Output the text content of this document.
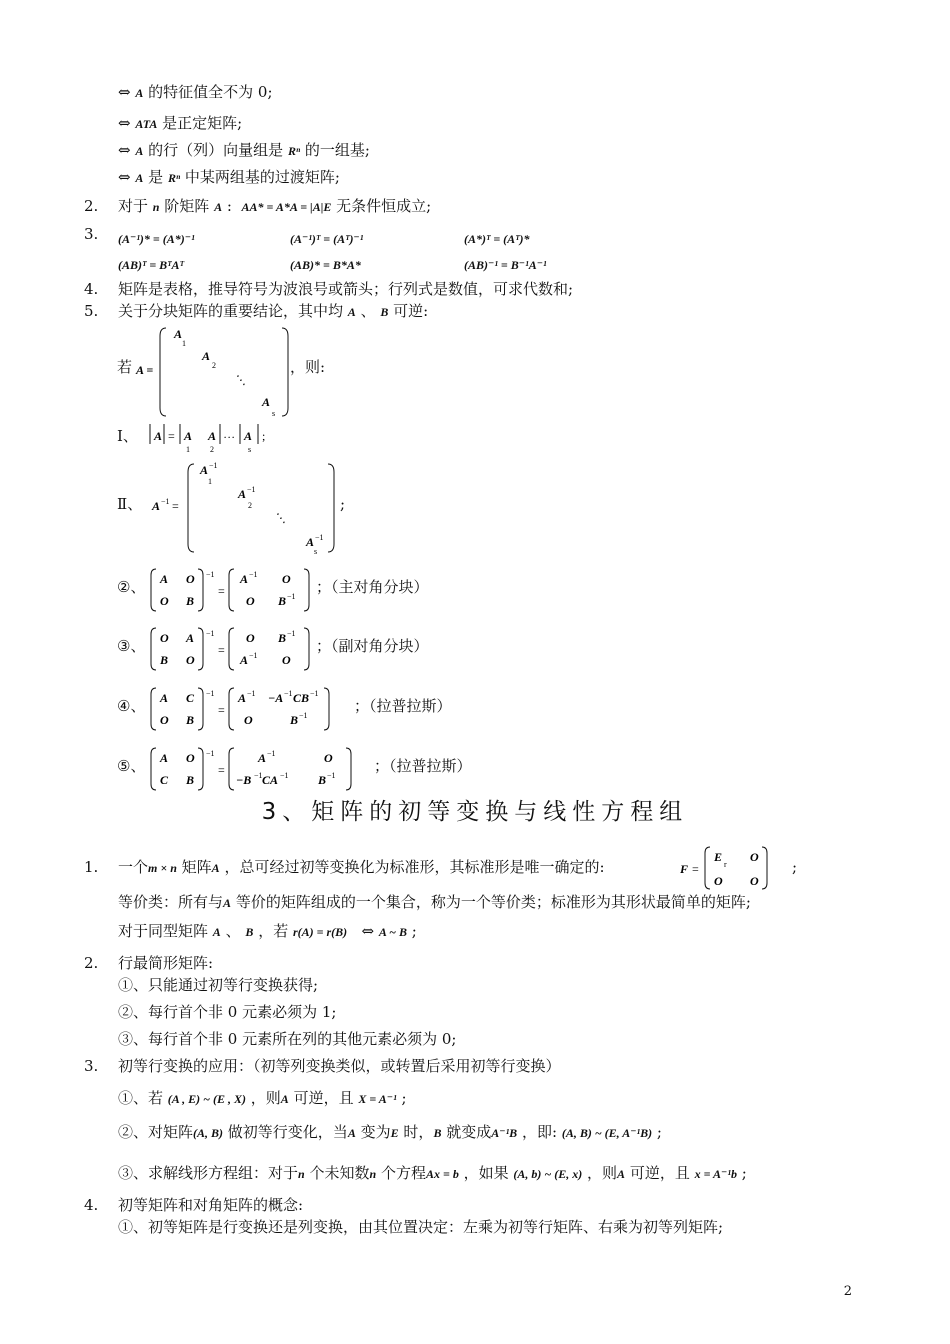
⇔ A 的特征值全不为 0;
⇔ ATA 是正定矩阵;
⇔ A 的行（列）向量组是 Rⁿ 的一组基;
⇔ A 是 Rⁿ 中某两组基的过渡矩阵;
2.	对于 n 阶矩阵 A :  AA* = A*A = |A|E 无条件恒成立;
3.	(A⁻¹)* = (A*)⁻¹	(A⁻¹)ᵀ = (Aᵀ)⁻¹	(A*)ᵀ = (Aᵀ)*
(AB)ᵀ = BᵀAᵀ	(AB)* = B*A*	(AB)⁻¹ = B⁻¹A⁻¹
4.	矩阵是表格，推导符号为波浪号或箭头；行列式是数值，可求代数和;
5.	关于分块矩阵的重要结论，其中均 A 、 B 可逆:
若 A =
A
1
A
2
⋱
A
s
，则:
Ⅰ、 A = A
1
A
2
… A
s
;
Ⅱ、 A −1 =
A −1
1
A −1
2
⋱
A −1
s
;
②、 A O
O B
−1
=
A −1 O
O B −1
；（主对角分块）
③、 O A
B O
−1
=
O B −1
A −1 O
；（副对角分块）
④、 A C
O B
−1
=
A −1 −A −1 CB −1
O	B −1
；（拉普拉斯）
⑤、 A O
C B
−1
=
A −1	O
−B −1 CA −1 B −1
；（拉普拉斯）
3、矩阵的初等变换与线性方程组
1.	一个m × n 矩阵A ，总可经过初等变换化为标准形，其标准形是唯一确定的:	F =
E
r
O
O O
;
等价类：所有与A 等价的矩阵组成的一个集合，称为一个等价类；标准形为其形状最简单的矩阵;
对于同型矩阵 A 、 B ，若 r(A) = r(B) ⇔ A ~ B ;
2.	行最简形矩阵:
①、只能通过初等行变换获得;
②、每行首个非 0 元素必须为 1;
③、每行首个非 0 元素所在列的其他元素必须为 0;
3.	初等行变换的应用：（初等列变换类似，或转置后采用初等行变换）
①、若 (A , E) ~ (E , X) ，则A 可逆，且 X = A⁻¹ ;
②、对矩阵(A, B) 做初等行变化，当A 变为E 时，B 就变成A⁻¹B ，即: (A, B) ~ (E, A⁻¹B) ;
③、求解线形方程组：对于n 个未知数n 个方程Ax = b ，如果 (A, b) ~ (E, x) ，则A 可逆，且 x = A⁻¹b ;
4.	初等矩阵和对角矩阵的概念:
①、初等矩阵是行变换还是列变换，由其位置决定：左乘为初等行矩阵、右乘为初等列矩阵;
2
